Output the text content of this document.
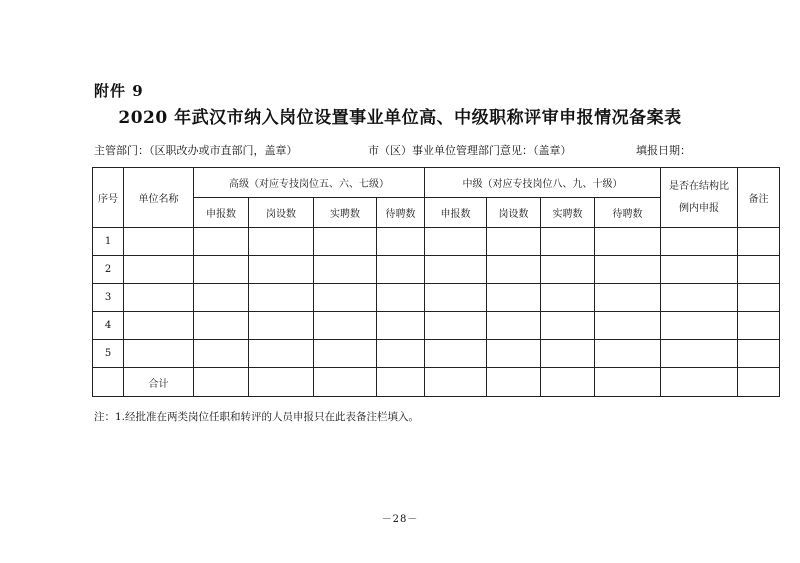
附件 9
2020 年武汉市纳入岗位设置事业单位高、中级职称评审申报情况备案表
主管部门：（区职改办或市直部门，盖章）	市（区）事业单位管理部门意见：（盖章）	填报日期：
序号	单位名称	高级（对应专技岗位五、六、七级）				中级（对应专技岗位八、九、十级）				是否在结构比例内申报	备注
		申报数	岗设数	实聘数	待聘数	申报数	岗设数	实聘数	待聘数		
1											
2											
3											
4											
5											
	合计										
注：1.经批准在两类岗位任职和转评的人员申报只在此表备注栏填入。
－28－
